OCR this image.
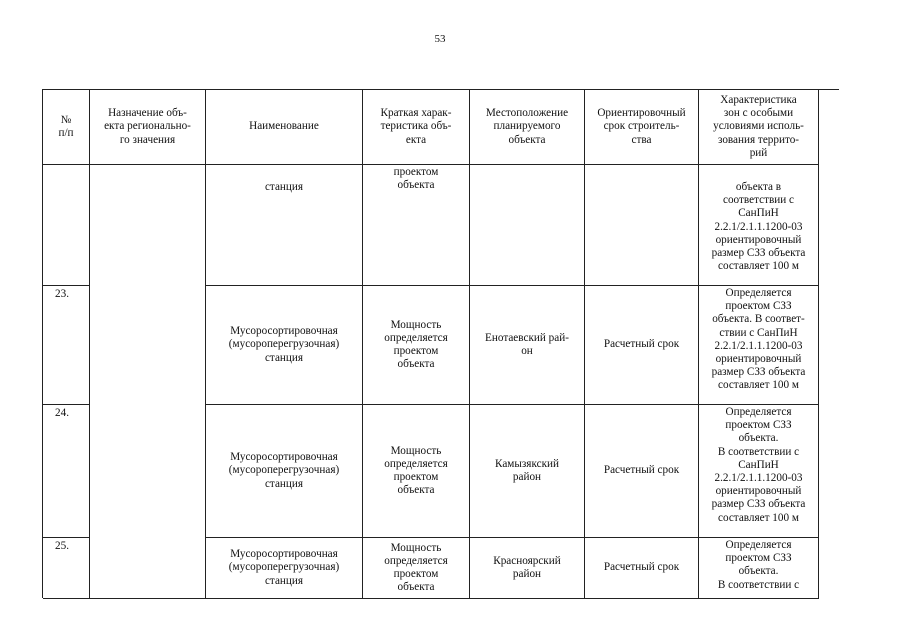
53
№
п/п
Назначение объ-
екта регионально-
го значения
Наименование
Краткая харак-
теристика объ-
екта
Местоположение
планируемого
объекта
Ориентировочный
срок строитель-
ства
Характеристика
зон с особыми
условиями исполь-
зования террито-
рий
станция
проектом
объекта	объекта в
соответствии с
СанПиН
2.2.1/2.1.1.1200-03
ориентировочный
размер СЗЗ объекта
составляет 100 м
23.
Мусоросортировочная
(мусороперегрузочная)
станция
Мощность
определяется
проектом
объекта
Енотаевский рай-
он
Расчетный срок
Определяется
проектом СЗЗ
объекта. В соответ-
ствии с СанПиН
2.2.1/2.1.1.1200-03
ориентировочный
размер СЗЗ объекта
составляет 100 м
24.
Мусоросортировочная
(мусороперегрузочная)
станция
Мощность
определяется
проектом
объекта
Камызякский
район
Расчетный срок
Определяется
проектом СЗЗ
объекта.
В соответствии с
СанПиН
2.2.1/2.1.1.1200-03
ориентировочный
размер СЗЗ объекта
составляет 100 м
25.
Мусоросортировочная
(мусороперегрузочная)
станция
Мощность
определяется
проектом
объекта
Красноярский
район
Расчетный срок
Определяется
проектом СЗЗ
объекта.
В соответствии с
